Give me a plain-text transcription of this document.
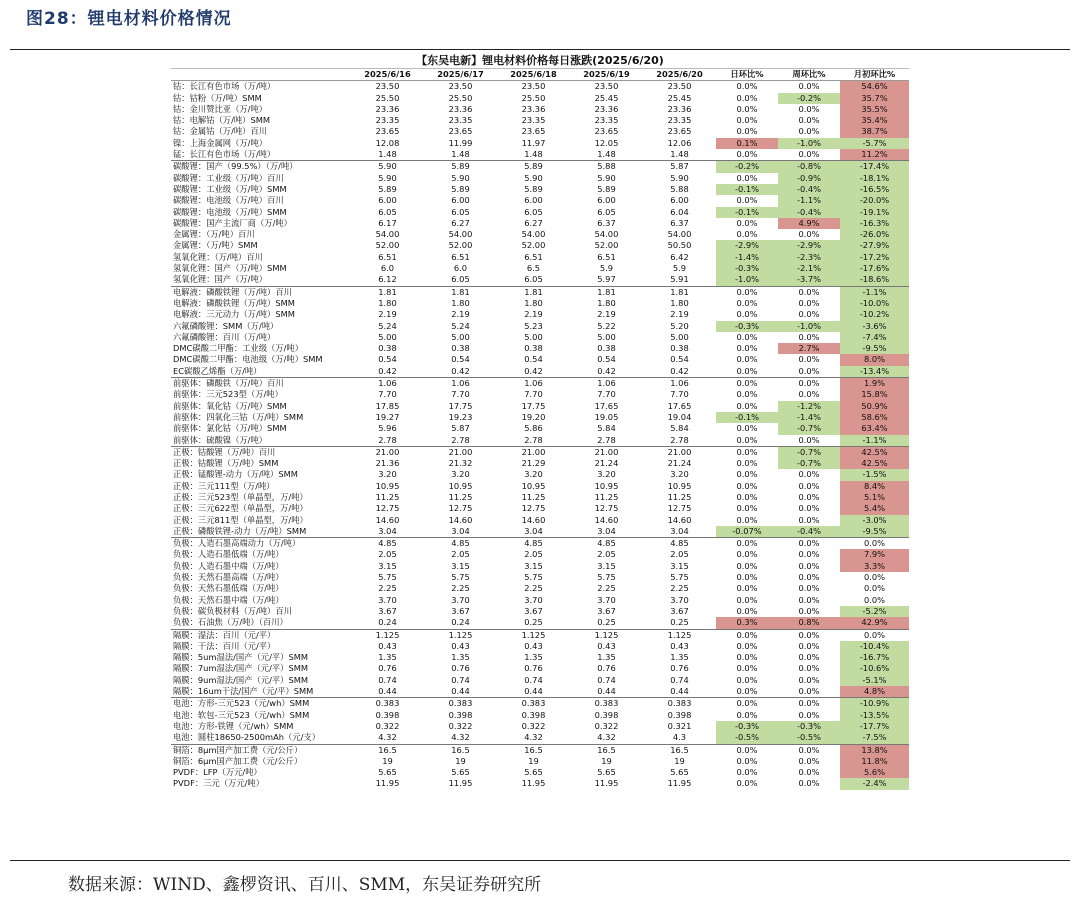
图28：锂电材料价格情况
【东吴电新】锂电材料价格每日涨跌(2025/6/20)
	2025/6/16	2025/6/17	2025/6/18	2025/6/19	2025/6/20	日环比%	周环比%	月初环比%
钴：长江有色市场（万/吨）	23.50	23.50	23.50	23.50	23.50	0.0%	0.0%	54.6%
钴：钴粉（万/吨）SMM	25.50	25.50	25.50	25.45	25.45	0.0%	-0.2%	35.7%
钴：金川赞比亚（万/吨）	23.36	23.36	23.36	23.36	23.36	0.0%	0.0%	35.5%
钴：电解钴（万/吨）SMM	23.35	23.35	23.35	23.35	23.35	0.0%	0.0%	35.4%
钴：金属钴（万/吨）百川	23.65	23.65	23.65	23.65	23.65	0.0%	0.0%	38.7%
镍：上海金属网（万/吨）	12.08	11.99	11.97	12.05	12.06	0.1%	-1.0%	-5.7%
锰：长江有色市场（万/吨）	1.48	1.48	1.48	1.48	1.48	0.0%	0.0%	11.2%
碳酸锂：国产（99.5%）（万/吨）	5.90	5.89	5.89	5.88	5.87	-0.2%	-0.8%	-17.4%
碳酸锂：工业级（万/吨）百川	5.90	5.90	5.90	5.90	5.90	0.0%	-0.9%	-18.1%
碳酸锂：工业级（万/吨）SMM	5.89	5.89	5.89	5.89	5.88	-0.1%	-0.4%	-16.5%
碳酸锂：电池级（万/吨）百川	6.00	6.00	6.00	6.00	6.00	0.0%	-1.1%	-20.0%
碳酸锂：电池级（万/吨）SMM	6.05	6.05	6.05	6.05	6.04	-0.1%	-0.4%	-19.1%
碳酸锂：国产主流厂商（万/吨）	6.17	6.27	6.27	6.37	6.37	0.0%	4.9%	-16.3%
金属锂：（万/吨）百川	54.00	54.00	54.00	54.00	54.00	0.0%	0.0%	-26.0%
金属锂：（万/吨）SMM	52.00	52.00	52.00	52.00	50.50	-2.9%	-2.9%	-27.9%
氢氧化锂：（万/吨）百川	6.51	6.51	6.51	6.51	6.42	-1.4%	-2.3%	-17.2%
氢氧化锂：国产（万/吨）SMM	6.0	6.0	6.5	5.9	5.9	-0.3%	-2.1%	-17.6%
氢氧化锂：国产（万/吨）	6.12	6.05	6.05	5.97	5.91	-1.0%	-3.7%	-18.6%
电解液：磷酸铁锂（万/吨）百川	1.81	1.81	1.81	1.81	1.81	0.0%	0.0%	-1.1%
电解液：磷酸铁锂（万/吨）SMM	1.80	1.80	1.80	1.80	1.80	0.0%	0.0%	-10.0%
电解液：三元动力（万/吨）SMM	2.19	2.19	2.19	2.19	2.19	0.0%	0.0%	-10.2%
六氟磷酸锂：SMM（万/吨）	5.24	5.24	5.23	5.22	5.20	-0.3%	-1.0%	-3.6%
六氟磷酸锂：百川（万/吨）	5.00	5.00	5.00	5.00	5.00	0.0%	0.0%	-7.4%
DMC碳酸二甲酯：工业级（万/吨）	0.38	0.38	0.38	0.38	0.38	0.0%	2.7%	-9.5%
DMC碳酸二甲酯：电池级（万/吨）SMM	0.54	0.54	0.54	0.54	0.54	0.0%	0.0%	8.0%
EC碳酸乙烯酯（万/吨）	0.42	0.42	0.42	0.42	0.42	0.0%	0.0%	-13.4%
前驱体：磷酸铁（万/吨）百川	1.06	1.06	1.06	1.06	1.06	0.0%	0.0%	1.9%
前驱体：三元523型（万/吨）	7.70	7.70	7.70	7.70	7.70	0.0%	0.0%	15.8%
前驱体：氧化钴（万/吨）SMM	17.85	17.75	17.75	17.65	17.65	0.0%	-1.2%	50.9%
前驱体：四氧化三钴（万/吨）SMM	19.27	19.23	19.20	19.05	19.04	-0.1%	-1.4%	58.6%
前驱体：氯化钴（万/吨）SMM	5.96	5.87	5.86	5.84	5.84	0.0%	-0.7%	63.4%
前驱体：硫酸镍（万/吨）	2.78	2.78	2.78	2.78	2.78	0.0%	0.0%	-1.1%
正极：钴酸锂（万/吨）百川	21.00	21.00	21.00	21.00	21.00	0.0%	-0.7%	42.5%
正极：钴酸锂（万/吨）SMM	21.36	21.32	21.29	21.24	21.24	0.0%	-0.7%	42.5%
正极：锰酸锂-动力（万/吨）SMM	3.20	3.20	3.20	3.20	3.20	0.0%	0.0%	-1.5%
正极：三元111型（万/吨）	10.95	10.95	10.95	10.95	10.95	0.0%	0.0%	8.4%
正极：三元523型（单晶型，万/吨）	11.25	11.25	11.25	11.25	11.25	0.0%	0.0%	5.1%
正极：三元622型（单晶型，万/吨）	12.75	12.75	12.75	12.75	12.75	0.0%	0.0%	5.4%
正极：三元811型（单晶型，万/吨）	14.60	14.60	14.60	14.60	14.60	0.0%	0.0%	-3.0%
正极：磷酸铁锂-动力（万/吨）SMM	3.04	3.04	3.04	3.04	3.04	-0.07%	-0.4%	-9.5%
负极：人造石墨高端动力（万/吨）	4.85	4.85	4.85	4.85	4.85	0.0%	0.0%	0.0%
负极：人造石墨低端（万/吨）	2.05	2.05	2.05	2.05	2.05	0.0%	0.0%	7.9%
负极：人造石墨中端（万/吨）	3.15	3.15	3.15	3.15	3.15	0.0%	0.0%	3.3%
负极：天然石墨高端（万/吨）	5.75	5.75	5.75	5.75	5.75	0.0%	0.0%	0.0%
负极：天然石墨低端（万/吨）	2.25	2.25	2.25	2.25	2.25	0.0%	0.0%	0.0%
负极：天然石墨中端（万/吨）	3.70	3.70	3.70	3.70	3.70	0.0%	0.0%	0.0%
负极：碳负极材料（万/吨）百川	3.67	3.67	3.67	3.67	3.67	0.0%	0.0%	-5.2%
负极：石油焦（万/吨）（百川）	0.24	0.24	0.25	0.25	0.25	0.3%	0.8%	42.9%
隔膜：湿法：百川（元/平）	1.125	1.125	1.125	1.125	1.125	0.0%	0.0%	0.0%
隔膜：干法：百川（元/平）	0.43	0.43	0.43	0.43	0.43	0.0%	0.0%	-10.4%
隔膜：5um湿法/国产（元/平）SMM	1.35	1.35	1.35	1.35	1.35	0.0%	0.0%	-16.7%
隔膜：7um湿法/国产（元/平）SMM	0.76	0.76	0.76	0.76	0.76	0.0%	0.0%	-10.6%
隔膜：9um湿法/国产（元/平）SMM	0.74	0.74	0.74	0.74	0.74	0.0%	0.0%	-5.1%
隔膜：16um干法/国产（元/平）SMM	0.44	0.44	0.44	0.44	0.44	0.0%	0.0%	4.8%
电池：方形-三元523（元/wh）SMM	0.383	0.383	0.383	0.383	0.383	0.0%	0.0%	-10.9%
电池：软包-三元523（元/wh）SMM	0.398	0.398	0.398	0.398	0.398	0.0%	0.0%	-13.5%
电池：方形-铁锂（元/wh）SMM	0.322	0.322	0.322	0.322	0.321	-0.3%	-0.3%	-17.7%
电池：圆柱18650-2500mAh（元/支）	4.32	4.32	4.32	4.32	4.3	-0.5%	-0.5%	-7.5%
铜箔：8μm国产加工费（元/公斤）	16.5	16.5	16.5	16.5	16.5	0.0%	0.0%	13.8%
铜箔：6μm国产加工费（元/公斤）	19	19	19	19	19	0.0%	0.0%	11.8%
PVDF：LFP（万元/吨）	5.65	5.65	5.65	5.65	5.65	0.0%	0.0%	5.6%
PVDF：三元（万元/吨）	11.95	11.95	11.95	11.95	11.95	0.0%	0.0%	-2.4%
数据来源：WIND、鑫椤资讯、百川、SMM，东吴证券研究所
